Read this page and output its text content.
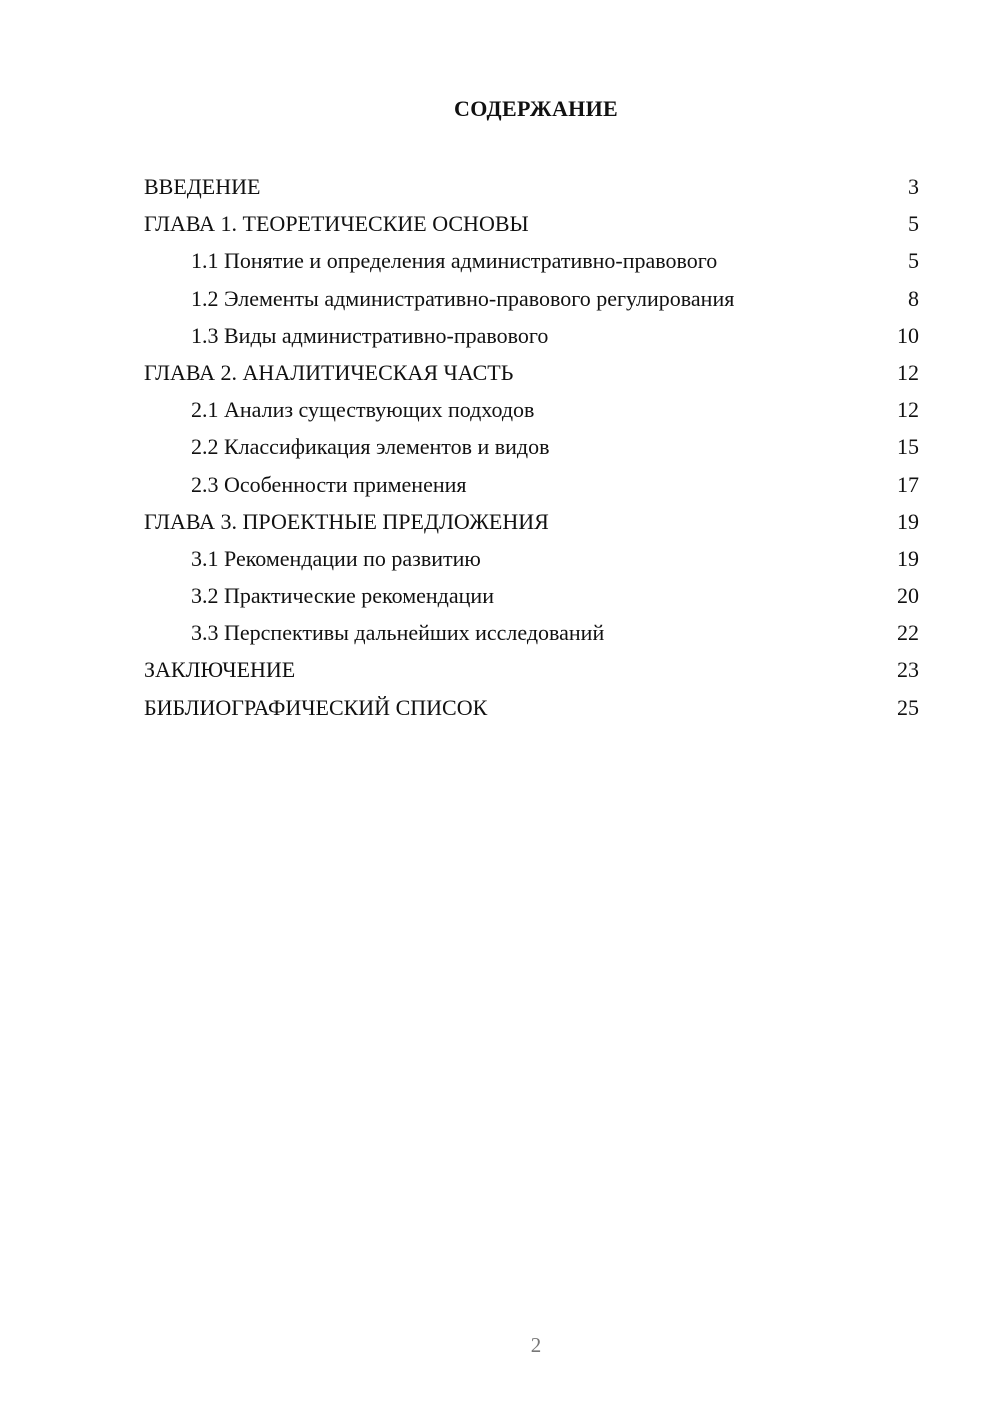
СОДЕРЖАНИЕ
ВВЕДЕНИЕ	3
ГЛАВА 1. ТЕОРЕТИЧЕСКИЕ ОСНОВЫ	5
1.1 Понятие и определения административно-правового	5
1.2 Элементы административно-правового регулирования	8
1.3 Виды административно-правового	10
ГЛАВА 2. АНАЛИТИЧЕСКАЯ ЧАСТЬ	12
2.1 Анализ существующих подходов	12
2.2 Классификация элементов и видов	15
2.3 Особенности применения	17
ГЛАВА 3. ПРОЕКТНЫЕ ПРЕДЛОЖЕНИЯ	19
3.1 Рекомендации по развитию	19
3.2 Практические рекомендации	20
3.3 Перспективы дальнейших исследований	22
ЗАКЛЮЧЕНИЕ	23
БИБЛИОГРАФИЧЕСКИЙ СПИСОК	25
2
